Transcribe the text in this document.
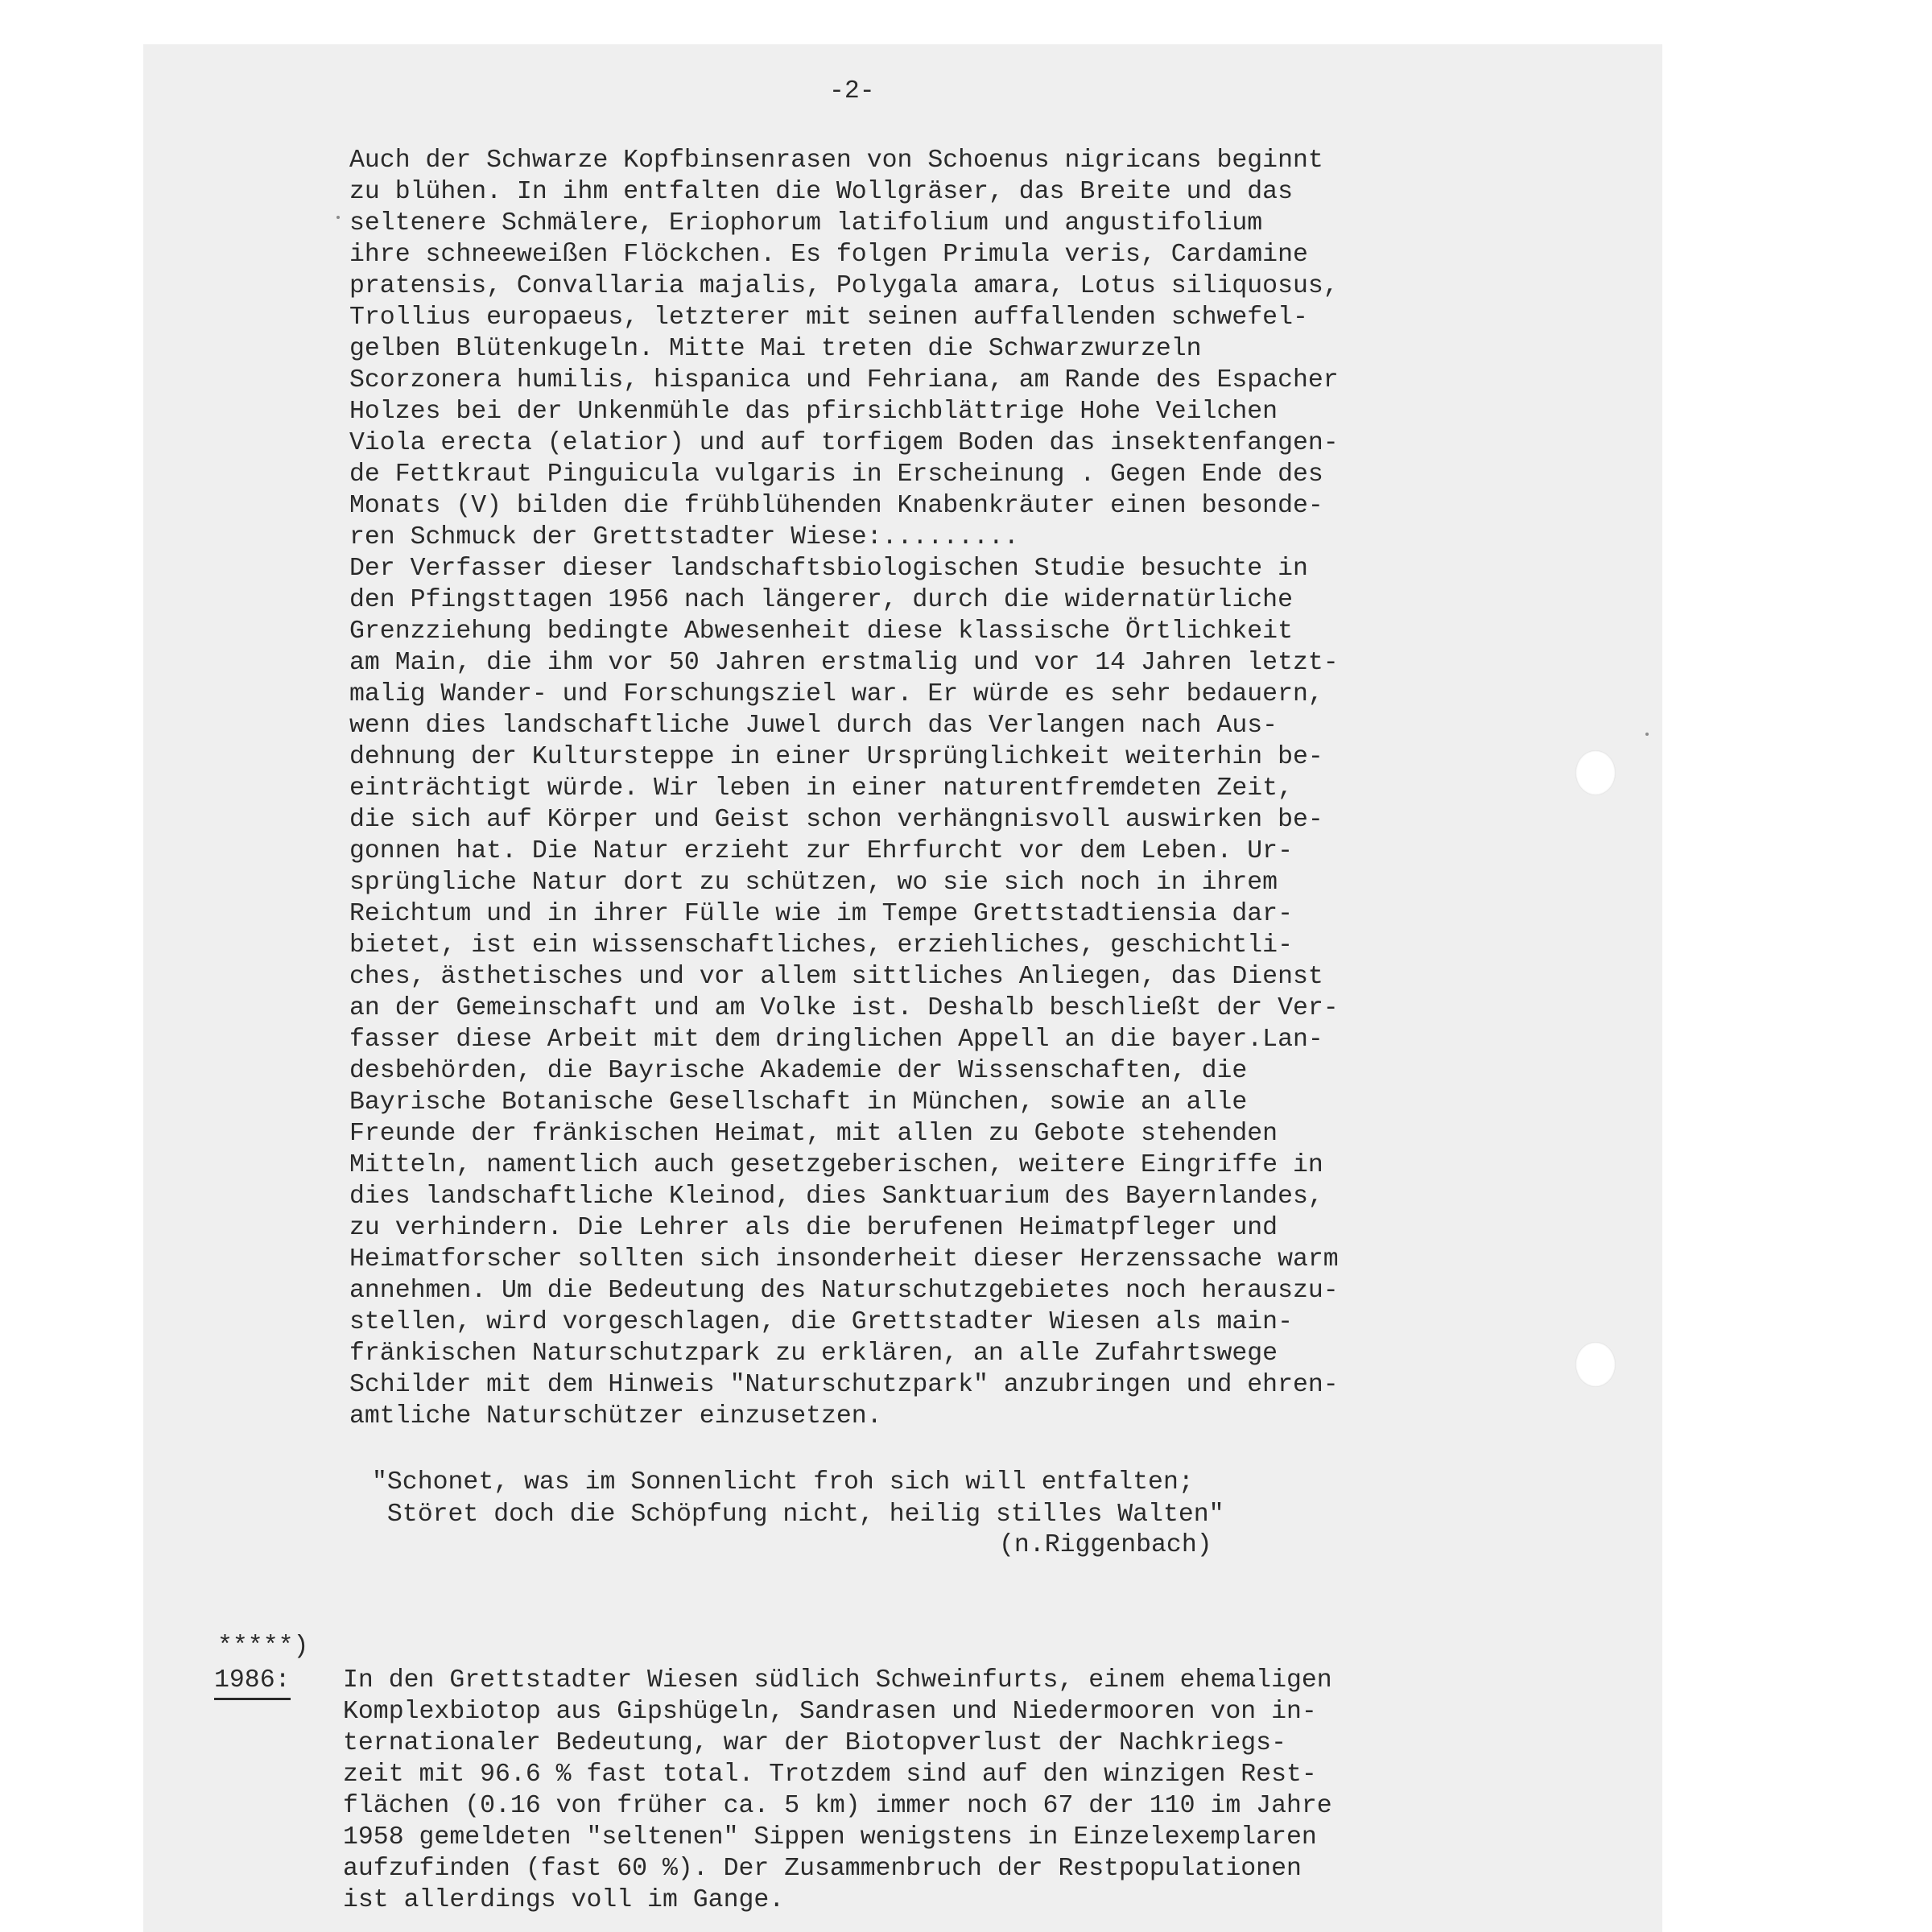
-2-
Auch der Schwarze Kopfbinsenrasen von Schoenus nigricans beginnt
zu blühen. In ihm entfalten die Wollgräser, das Breite und das
seltenere Schmälere, Eriophorum latifolium und angustifolium
ihre schneeweißen Flöckchen. Es folgen Primula veris, Cardamine
pratensis, Convallaria majalis, Polygala amara, Lotus siliquosus,
Trollius europaeus, letzterer mit seinen auffallenden schwefel-
gelben Blütenkugeln. Mitte Mai treten die Schwarzwurzeln
Scorzonera humilis, hispanica und Fehriana, am Rande des Espacher
Holzes bei der Unkenmühle das pfirsichblättrige Hohe Veilchen
Viola erecta (elatior) und auf torfigem Boden das insektenfangen-
de Fettkraut Pinguicula vulgaris in Erscheinung . Gegen Ende des
Monats (V) bilden die frühblühenden Knabenkräuter einen besonde-
ren Schmuck der Grettstadter Wiese:.........
Der Verfasser dieser landschaftsbiologischen Studie besuchte in
den Pfingsttagen 1956 nach längerer, durch die widernatürliche
Grenzziehung bedingte Abwesenheit diese klassische Örtlichkeit
am Main, die ihm vor 50 Jahren erstmalig und vor 14 Jahren letzt-
malig Wander- und Forschungsziel war. Er würde es sehr bedauern,
wenn dies landschaftliche Juwel durch das Verlangen nach Aus-
dehnung der Kultursteppe in einer Ursprünglichkeit weiterhin be-
einträchtigt würde. Wir leben in einer naturentfremdeten Zeit,
die sich auf Körper und Geist schon verhängnisvoll auswirken be-
gonnen hat. Die Natur erzieht zur Ehrfurcht vor dem Leben. Ur-
sprüngliche Natur dort zu schützen, wo sie sich noch in ihrem
Reichtum und in ihrer Fülle wie im Tempe Grettstadtiensia dar-
bietet, ist ein wissenschaftliches, erziehliches, geschichtli-
ches, ästhetisches und vor allem sittliches Anliegen, das Dienst
an der Gemeinschaft und am Volke ist. Deshalb beschließt der Ver-
fasser diese Arbeit mit dem dringlichen Appell an die bayer.Lan-
desbehörden, die Bayrische Akademie der Wissenschaften, die
Bayrische Botanische Gesellschaft in München, sowie an alle
Freunde der fränkischen Heimat, mit allen zu Gebote stehenden
Mitteln, namentlich auch gesetzgeberischen, weitere Eingriffe in
dies landschaftliche Kleinod, dies Sanktuarium des Bayernlandes,
zu verhindern. Die Lehrer als die berufenen Heimatpfleger und
Heimatforscher sollten sich insonderheit dieser Herzenssache warm
annehmen. Um die Bedeutung des Naturschutzgebietes noch herauszu-
stellen, wird vorgeschlagen, die Grettstadter Wiesen als main-
fränkischen Naturschutzpark zu erklären, an alle Zufahrtswege
Schilder mit dem Hinweis "Naturschutzpark" anzubringen und ehren-
amtliche Naturschützer einzusetzen.
"Schonet, was im Sonnenlicht froh sich will entfalten;
Störet doch die Schöpfung nicht, heilig stilles Walten"
(n.Riggenbach)
*****)
1986: In den Grettstadter Wiesen südlich Schweinfurts, einem ehemaligen
Komplexbiotop aus Gipshügeln, Sandrasen und Niedermooren von in-
ternationaler Bedeutung, war der Biotopverlust der Nachkriegs-
zeit mit 96.6 % fast total. Trotzdem sind auf den winzigen Rest-
flächen (0.16 von früher ca. 5 km) immer noch 67 der 110 im Jahre
1958 gemeldeten "seltenen" Sippen wenigstens in Einzelexemplaren
aufzufinden (fast 60 %). Der Zusammenbruch der Restpopulationen
ist allerdings voll im Gange.
